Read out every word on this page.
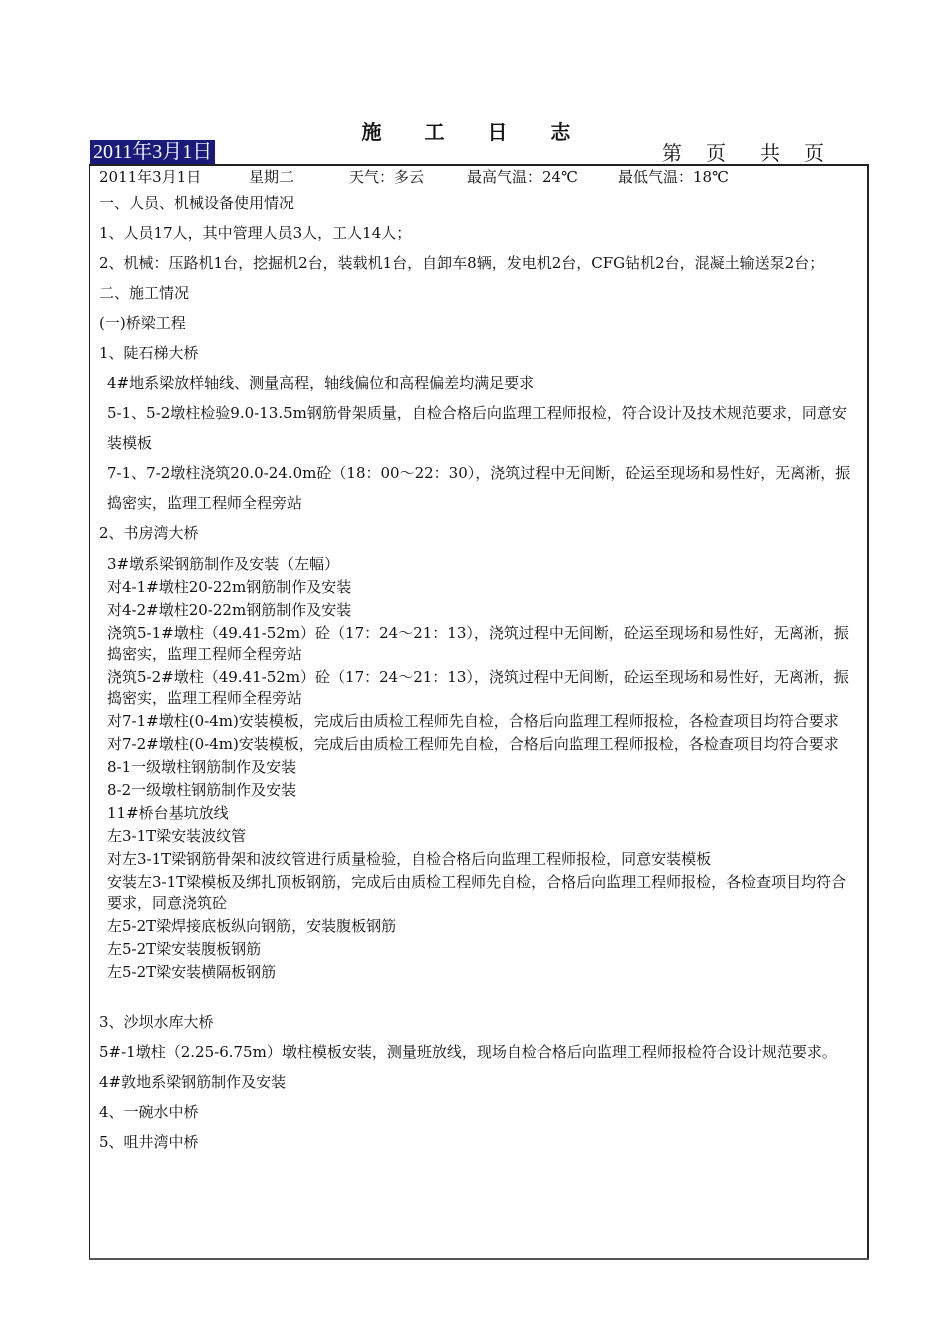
施 工 日 志
2011年3月1日	第 页 共 页

2011年3月1日	星期二	天气：多云	最高气温：24℃	最低气温：18℃

一、人员、机械设备使用情况

1、人员17人，其中管理人员3人，工人14人；

2、机械：压路机1台，挖掘机2台，装载机1台，自卸车8辆，发电机2台，CFG钻机2台，混凝土输送泵2台；

二、施工情况

(一)桥梁工程

1、陡石梯大桥

4#地系梁放样轴线、测量高程，轴线偏位和高程偏差均满足要求

5-1、5-2墩柱检验9.0-13.5m钢筋骨架质量，自检合格后向监理工程师报检，符合设计及技术规范要求，同意安装模板

7-1、7-2墩柱浇筑20.0-24.0m砼（18：00～22：30），浇筑过程中无间断，砼运至现场和易性好，无离淅，振捣密实，监理工程师全程旁站

2、书房湾大桥

3#墩系梁钢筋制作及安装（左幅）

对4-1#墩柱20-22m钢筋制作及安装

对4-2#墩柱20-22m钢筋制作及安装

浇筑5-1#墩柱（49.41-52m）砼（17：24～21：13），浇筑过程中无间断，砼运至现场和易性好，无离淅，振捣密实，监理工程师全程旁站

浇筑5-2#墩柱（49.41-52m）砼（17：24～21：13），浇筑过程中无间断，砼运至现场和易性好，无离淅，振捣密实，监理工程师全程旁站

对7-1#墩柱(0-4m)安装模板，完成后由质检工程师先自检，合格后向监理工程师报检，各检查项目均符合要求

对7-2#墩柱(0-4m)安装模板，完成后由质检工程师先自检，合格后向监理工程师报检，各检查项目均符合要求

8-1一级墩柱钢筋制作及安装

8-2一级墩柱钢筋制作及安装

11#桥台基坑放线

左3-1T梁安装波纹管

对左3-1T梁钢筋骨架和波纹管进行质量检验，自检合格后向监理工程师报检，同意安装模板

安装左3-1T梁模板及绑扎顶板钢筋，完成后由质检工程师先自检，合格后向监理工程师报检，各检查项目均符合要求，同意浇筑砼

左5-2T梁焊接底板纵向钢筋，安装腹板钢筋

左5-2T梁安装腹板钢筋

左5-2T梁安装横隔板钢筋

3、沙坝水库大桥

5#-1墩柱（2.25-6.75m）墩柱模板安装，测量班放线，现场自检合格后向监理工程师报检符合设计规范要求。

4#敦地系梁钢筋制作及安装

4、一碗水中桥

5、咀井湾中桥
